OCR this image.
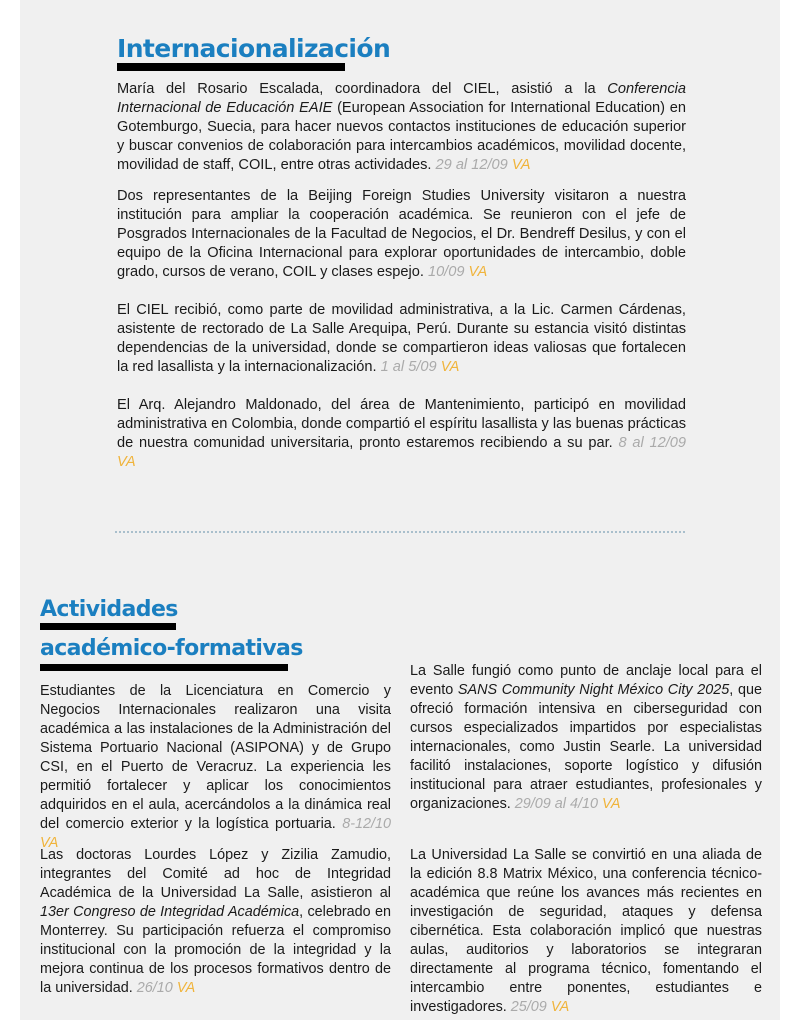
Internacionalización

María del Rosario Escalada, coordinadora del CIEL, asistió a la Conferencia Internacional de Educación EAIE (European Association for International Education) en Gotemburgo, Suecia, para hacer nuevos contactos instituciones de educación superior y buscar convenios de colaboración para intercambios académicos, movilidad docente, movilidad de staff, COIL, entre otras actividades. 29 al 12/09 VA

Dos representantes de la Beijing Foreign Studies University visitaron a nuestra institución para ampliar la cooperación académica. Se reunieron con el jefe de Posgrados Internacionales de la Facultad de Negocios, el Dr. Bendreff Desilus, y con el equipo de la Oficina Internacional para explorar oportunidades de intercambio, doble grado, cursos de verano, COIL y clases espejo. 10/09 VA

El CIEL recibió, como parte de movilidad administrativa, a la Lic. Carmen Cárdenas, asistente de rectorado de La Salle Arequipa, Perú. Durante su estancia visitó distintas dependencias de la universidad, donde se compartieron ideas valiosas que fortalecen la red lasallista y la internacionalización. 1 al 5/09 VA

El Arq. Alejandro Maldonado, del área de Mantenimiento, participó en movilidad administrativa en Colombia, donde compartió el espíritu lasallista y las buenas prácticas de nuestra comunidad universitaria, pronto estaremos recibiendo a su par. 8 al 12/09 VA

Actividades
académico-formativas

Estudiantes de la Licenciatura en Comercio y Negocios Internacionales realizaron una visita académica a las instalaciones de la Administración del Sistema Portuario Nacional (ASIPONA) y de Grupo CSI, en el Puerto de Veracruz. La experiencia les permitió fortalecer y aplicar los conocimientos adquiridos en el aula, acercándolos a la dinámica real del comercio exterior y la logística portuaria. 8-12/10 VA

Las doctoras Lourdes López y Zizilia Zamudio, integrantes del Comité ad hoc de Integridad Académica de la Universidad La Salle, asistieron al 13er Congreso de Integridad Académica, celebrado en Monterrey. Su participación refuerza el compromiso institucional con la promoción de la integridad y la mejora continua de los procesos formativos dentro de la universidad. 26/10 VA

La Salle fungió como punto de anclaje local para el evento SANS Community Night México City 2025, que ofreció formación intensiva en ciberseguridad con cursos especializados impartidos por especialistas internacionales, como Justin Searle. La universidad facilitó instalaciones, soporte logístico y difusión institucional para atraer estudiantes, profesionales y organizaciones. 29/09 al 4/10 VA

La Universidad La Salle se convirtió en una aliada de la edición 8.8 Matrix México, una conferencia técnico-académica que reúne los avances más recientes en investigación de seguridad, ataques y defensa cibernética. Esta colaboración implicó que nuestras aulas, auditorios y laboratorios se integraran directamente al programa técnico, fomentando el intercambio entre ponentes, estudiantes e investigadores. 25/09 VA
